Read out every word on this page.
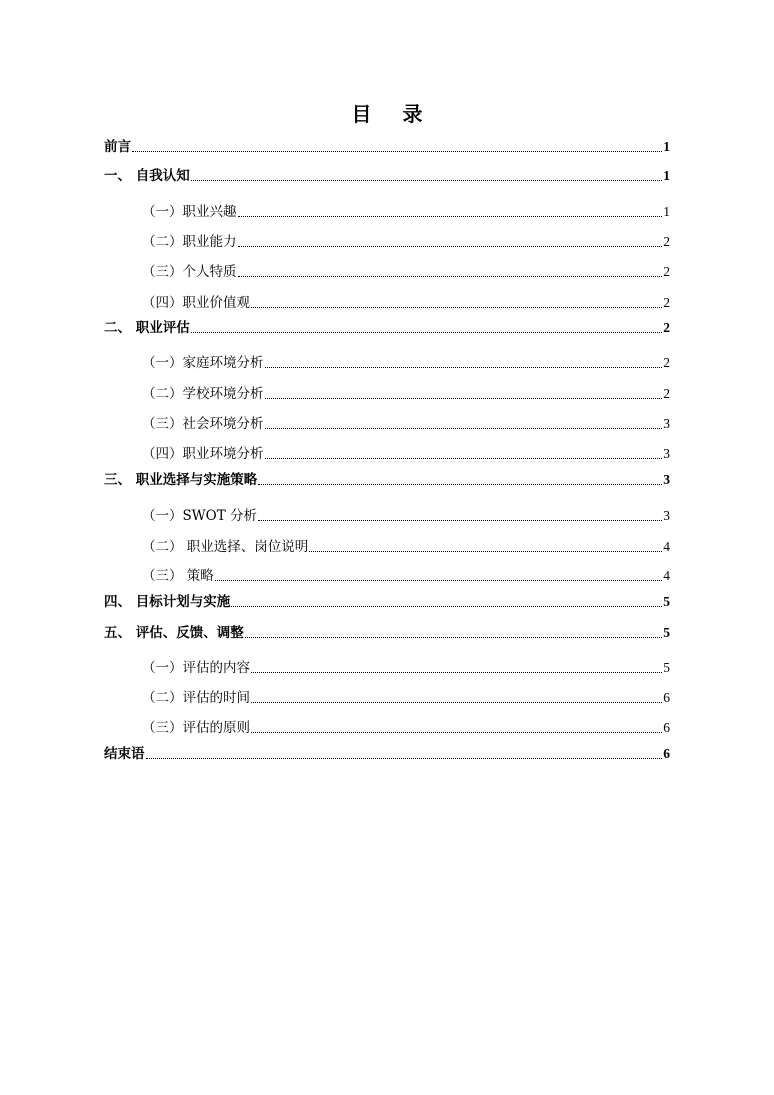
目 录
前言	1
一、 自我认知	1
（一）职业兴趣	1
（二）职业能力	2
（三）个人特质	2
（四）职业价值观	2
二、 职业评估	2
（一）家庭环境分析	2
（二）学校环境分析	2
（三）社会环境分析	3
（四）职业环境分析	3
三、 职业选择与实施策略	3
（一）SWOT 分析	3
（二） 职业选择、岗位说明	4
（三） 策略	4
四、 目标计划与实施	5
五、 评估、反馈、调整	5
（一）评估的内容	5
（二）评估的时间	6
（三）评估的原则	6
结束语	6
